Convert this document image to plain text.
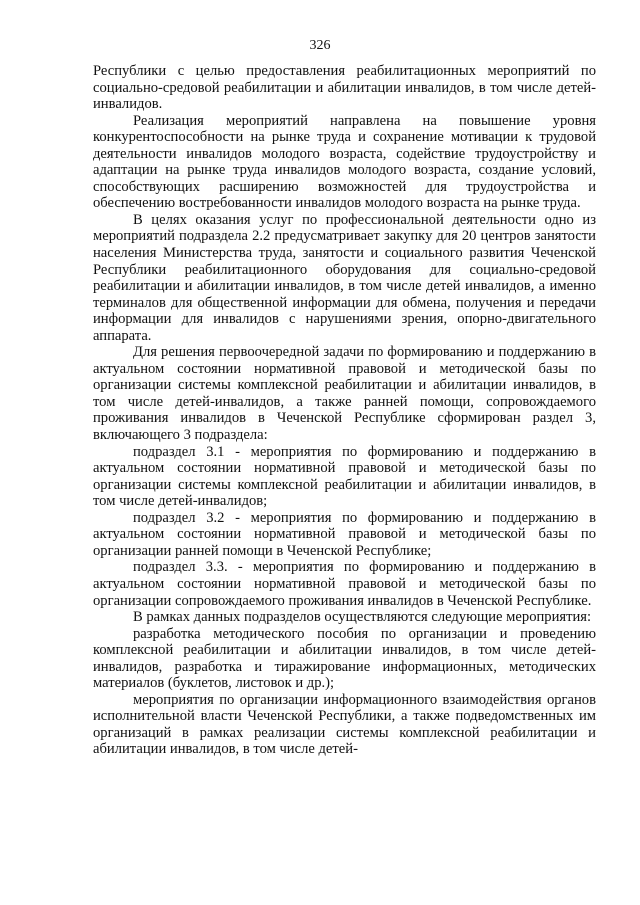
326

Республики с целью предоставления реабилитационных мероприятий по социально-средовой реабилитации и абилитации инвалидов, в том числе детей- инвалидов.

Реализация мероприятий направлена на повышение уровня конкурентоспособности на рынке труда и сохранение мотивации к трудовой деятельности инвалидов молодого возраста, содействие трудоустройству и адаптации на рынке труда инвалидов молодого возраста, создание условий, способствующих расширению возможностей для трудоустройства и обеспечению востребованности инвалидов молодого возраста на рынке труда.

В целях оказания услуг по профессиональной деятельности одно из мероприятий подраздела 2.2 предусматривает закупку для 20 центров занятости населения Министерства труда, занятости и социального развития Чеченской Республики реабилитационного оборудования для социально-средовой реабилитации и абилитации инвалидов, в том числе детей инвалидов, а именно терминалов для общественной информации для обмена, получения и передачи информации для инвалидов с нарушениями зрения, опорно-двигательного аппарата.

Для решения первоочередной задачи по формированию и поддержанию в актуальном состоянии нормативной правовой и методической базы по организации системы комплексной реабилитации и абилитации инвалидов, в том числе детей-инвалидов, а также ранней помощи, сопровождаемого проживания инвалидов в Чеченской Республике сформирован раздел 3, включающего 3 подраздела:

подраздел 3.1 - мероприятия по формированию и поддержанию в актуальном состоянии нормативной правовой и методической базы по организации системы комплексной реабилитации и абилитации инвалидов, в том числе детей-инвалидов;

подраздел 3.2 - мероприятия по формированию и поддержанию в актуальном состоянии нормативной правовой и методической базы по организации ранней помощи в Чеченской Республике;

подраздел 3.3. - мероприятия по формированию и поддержанию в актуальном состоянии нормативной правовой и методической базы по организации сопровождаемого проживания инвалидов в Чеченской Республике.

В рамках данных подразделов осуществляются следующие мероприятия:

разработка методического пособия по организации и проведению комплексной реабилитации и абилитации инвалидов, в том числе детей-инвалидов, разработка и тиражирование информационных, методических материалов (буклетов, листовок и др.);

мероприятия по организации информационного взаимодействия органов исполнительной власти Чеченской Республики, а также подведомственных им организаций в рамках реализации системы комплексной реабилитации и абилитации инвалидов, в том числе детей-
